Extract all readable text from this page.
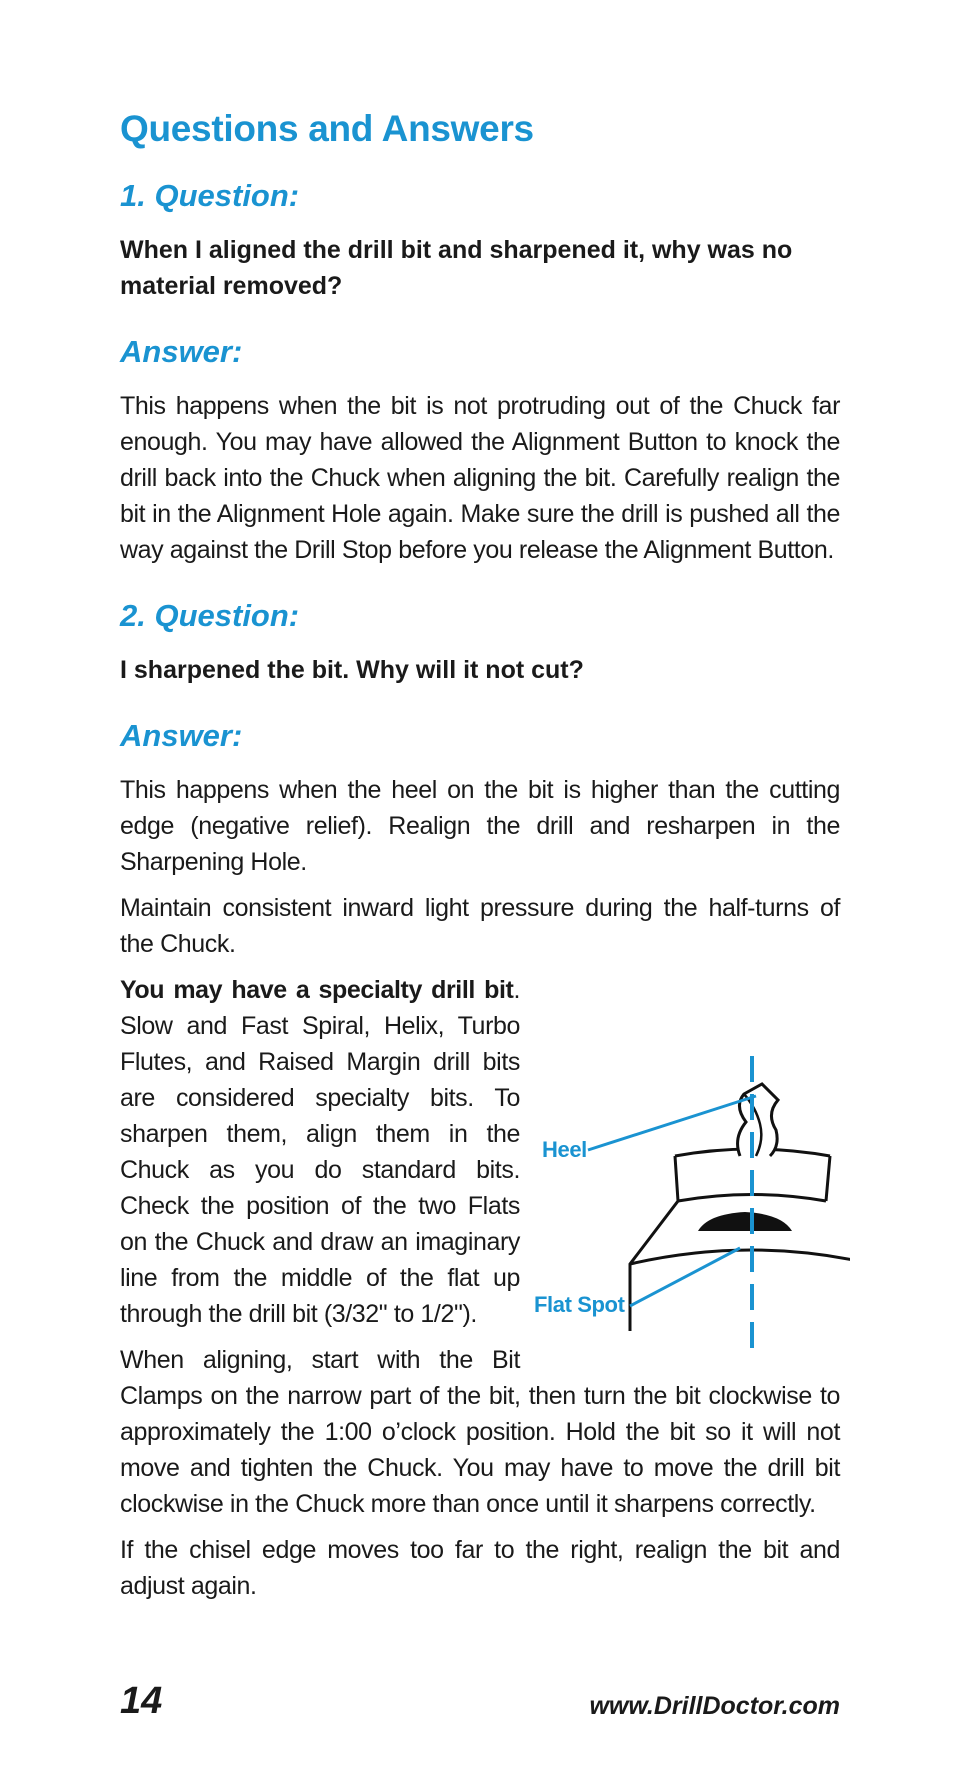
Questions and Answers
1. Question:
When I aligned the drill bit and sharpened it, why was no material removed?
Answer:
This happens when the bit is not protruding out of the Chuck far enough. You may have allowed the Alignment Button to knock the drill back into the Chuck when aligning the bit. Carefully realign the bit in the Alignment Hole again. Make sure the drill is pushed all the way against the Drill Stop before you release the Alignment Button.
2. Question:
I sharpened the bit. Why will it not cut?
Answer:
This happens when the heel on the bit is higher than the cutting edge (negative relief). Realign the drill and resharpen in the Sharpening Hole.
Maintain consistent inward light pressure during the half-turns of the Chuck.
Heel
Flat Spot
You may have a specialty drill bit. Slow and Fast Spiral, Helix, Turbo Flutes, and Raised Margin drill bits are considered specialty bits. To sharpen them, align them in the Chuck as you do standard bits. Check the position of the two Flats on the Chuck and draw an imaginary line from the middle of the flat up through the drill bit (3/32" to 1/2").
When aligning, start with the Bit Clamps on the narrow part of the bit, then turn the bit clockwise to approximately the 1:00 o’clock position. Hold the bit so it will not move and tighten the Chuck. You may have to move the drill bit clockwise in the Chuck more than once until it sharpens correctly.
If the chisel edge moves too far to the right, realign the bit and adjust again.
14	www.DrillDoctor.com
